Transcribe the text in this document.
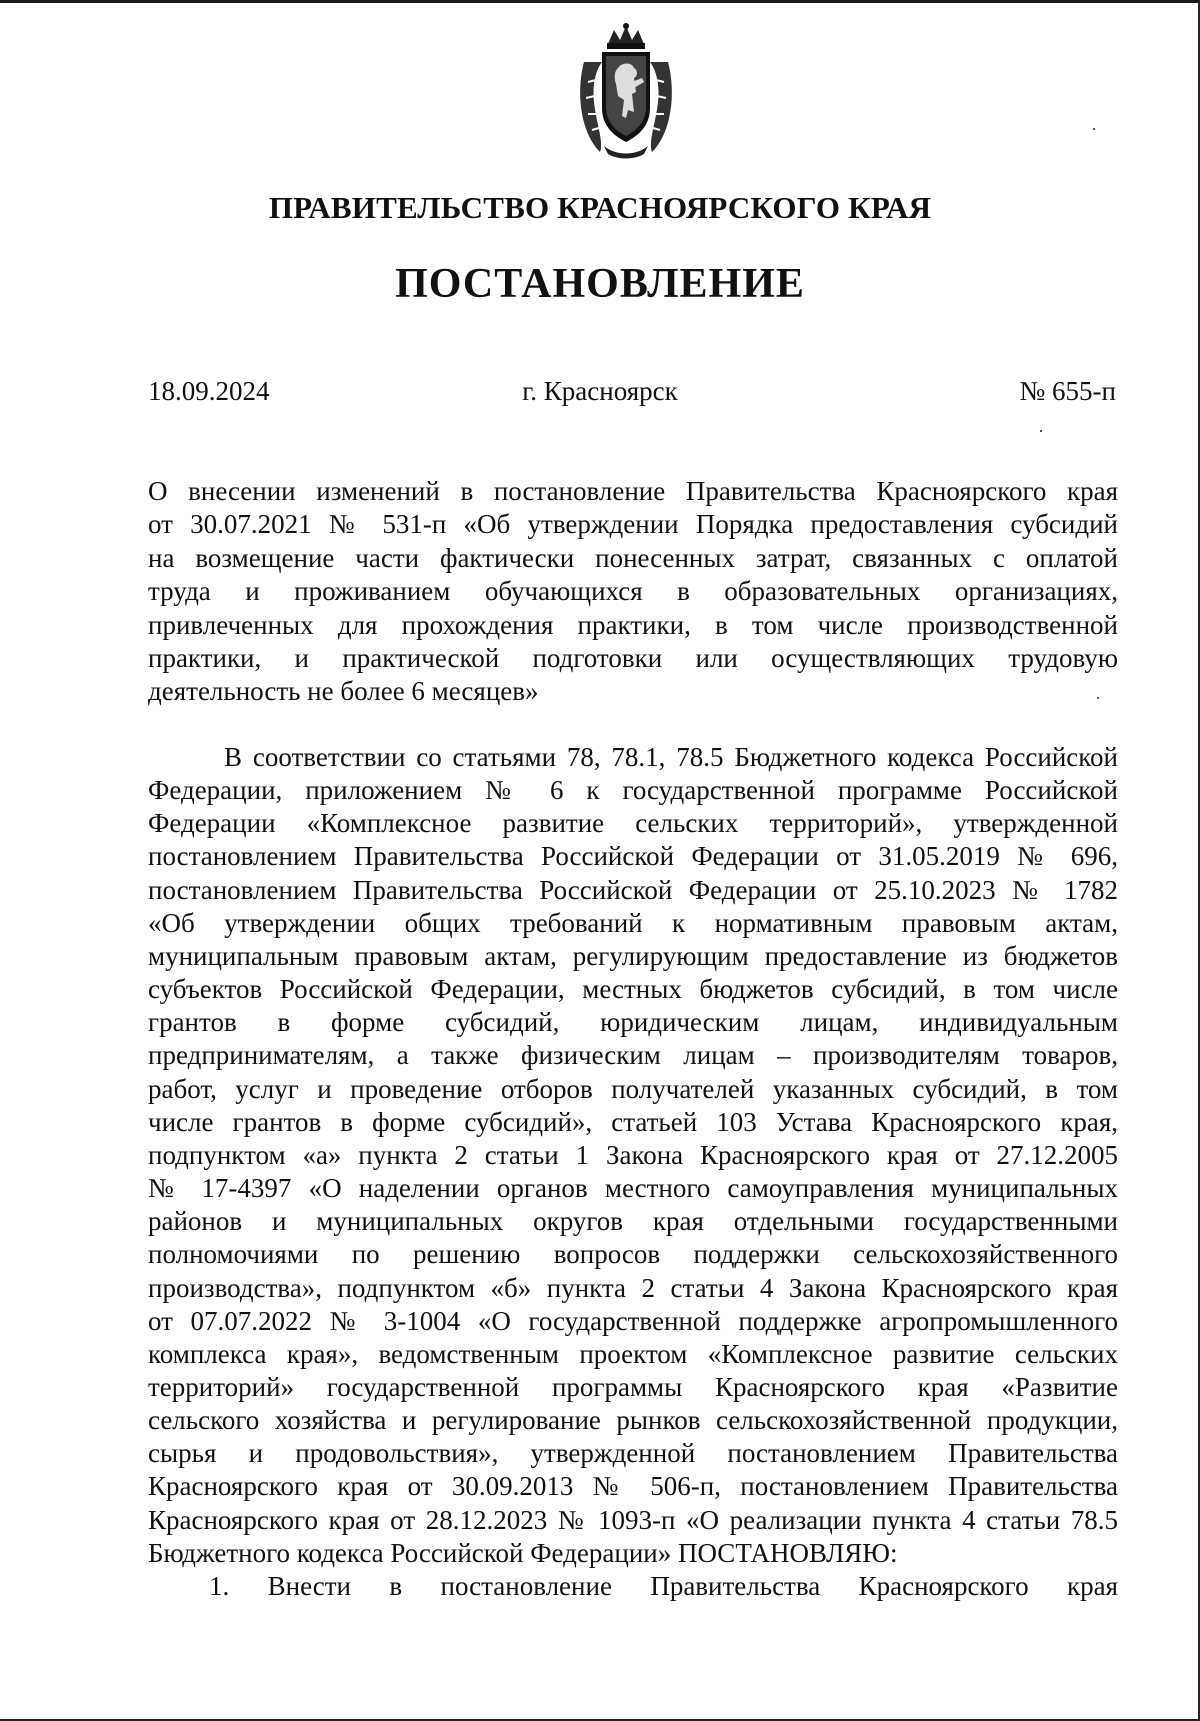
ПРАВИТЕЛЬСТВО КРАСНОЯРСКОГО КРАЯ
ПОСТАНОВЛЕНИЕ
18.09.2024	г. Красноярск	№ 655-п
О внесении изменений в постановление Правительства Красноярского края
от 30.07.2021 № 531-п «Об утверждении Порядка предоставления субсидий
на возмещение части фактически понесенных затрат, связанных с оплатой
труда и проживанием обучающихся в образовательных организациях,
привлеченных для прохождения практики, в том числе производственной
практики, и практической подготовки или осуществляющих трудовую
деятельность не более 6 месяцев»
В соответствии со статьями 78, 78.1, 78.5 Бюджетного кодекса Российской
Федерации, приложением № 6 к государственной программе Российской
Федерации «Комплексное развитие сельских территорий», утвержденной
постановлением Правительства Российской Федерации от 31.05.2019 № 696,
постановлением Правительства Российской Федерации от 25.10.2023 № 1782
«Об утверждении общих требований к нормативным правовым актам,
муниципальным правовым актам, регулирующим предоставление из бюджетов
субъектов Российской Федерации, местных бюджетов субсидий, в том числе
грантов в форме субсидий, юридическим лицам, индивидуальным
предпринимателям, а также физическим лицам – производителям товаров,
работ, услуг и проведение отборов получателей указанных субсидий, в том
числе грантов в форме субсидий», статьей 103 Устава Красноярского края,
подпунктом «а» пункта 2 статьи 1 Закона Красноярского края от 27.12.2005
№ 17-4397 «О наделении органов местного самоуправления муниципальных
районов и муниципальных округов края отдельными государственными
полномочиями по решению вопросов поддержки сельскохозяйственного
производства», подпунктом «б» пункта 2 статьи 4 Закона Красноярского края
от 07.07.2022 № 3-1004 «О государственной поддержке агропромышленного
комплекса края», ведомственным проектом «Комплексное развитие сельских
территорий» государственной программы Красноярского края «Развитие
сельского хозяйства и регулирование рынков сельскохозяйственной продукции,
сырья и продовольствия», утвержденной постановлением Правительства
Красноярского края от 30.09.2013 № 506-п, постановлением Правительства
Красноярского края от 28.12.2023 № 1093-п «О реализации пункта 4 статьи 78.5
Бюджетного кодекса Российской Федерации» ПОСТАНОВЛЯЮ:
1. Внести в постановление Правительства Красноярского края
